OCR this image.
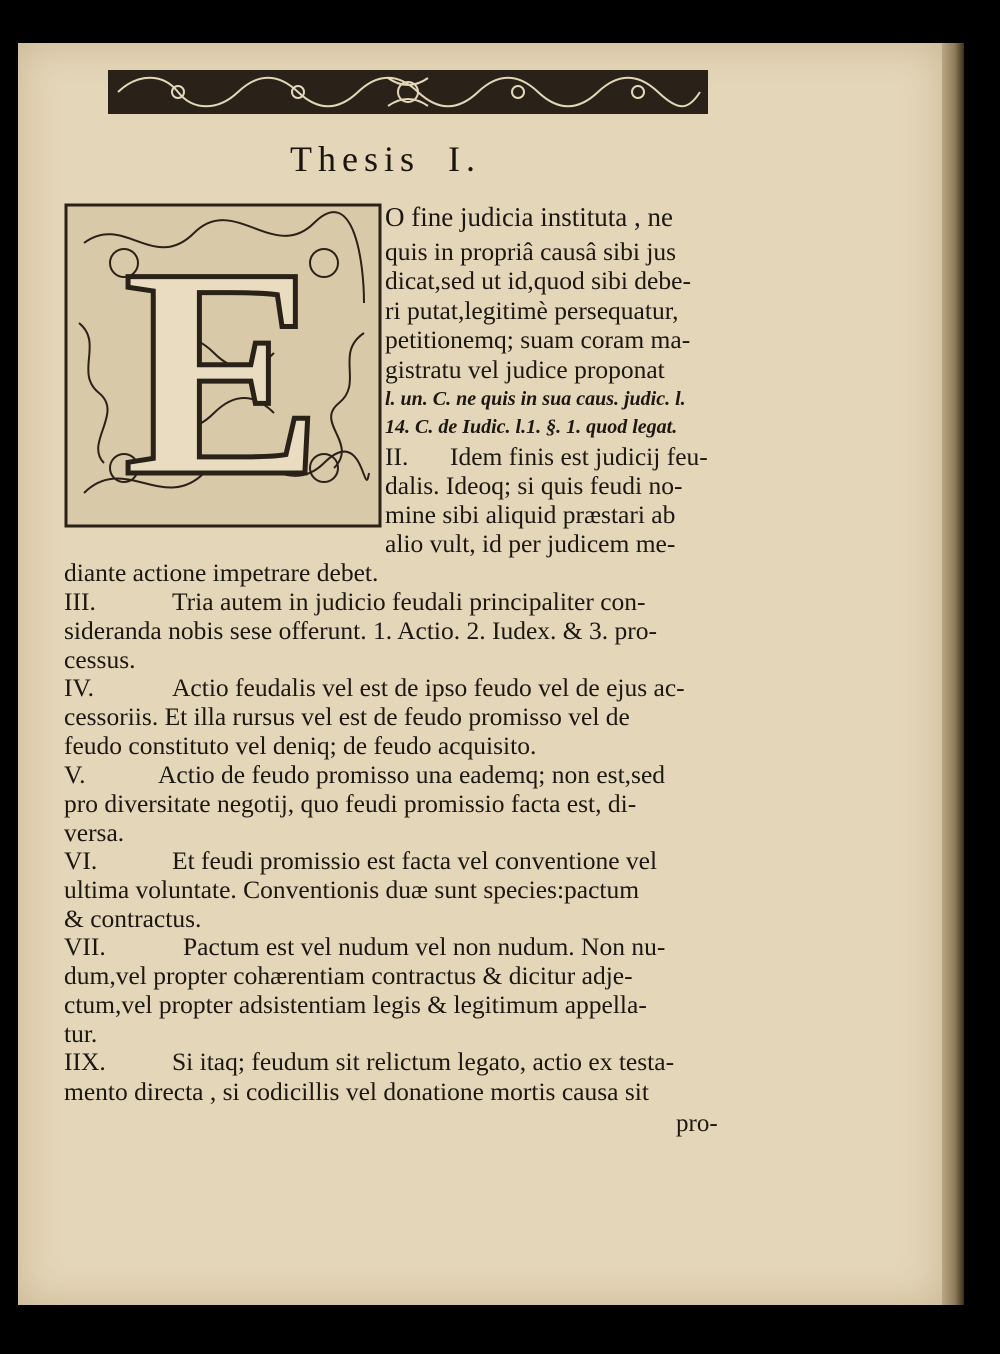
Thesis I.
E O fine judicia instituta , ne
quis in propriâ causâ sibi jus
dicat,sed ut id,quod sibi debe-
ri putat,legitimè persequatur,
petitionemq; suam coram ma-
gistratu vel judice proponat
l. un. C. ne quis in sua caus. judic. l.
14. C. de Iudic. l.1. §. 1. quod legat.
II. Idem finis est judicij feu-
dalis. Ideoq; si quis feudi no-
mine sibi aliquid præstari ab
alio vult, id per judicem me-
diante actione impetrare debet.
III.	Tria autem in judicio feudali principaliter con-
sideranda nobis sese offerunt. 1. Actio. 2. Iudex. & 3. pro-
cessus.
IV.	Actio feudalis vel est de ipso feudo vel de ejus ac-
cessoriis. Et illa rursus vel est de feudo promisso vel de
feudo constituto vel deniq; de feudo acquisito.
V.	Actio de feudo promisso una eademq; non est,sed
pro diversitate negotij, quo feudi promissio facta est, di-
versa.
VI.	Et feudi promissio est facta vel conventione vel
ultima voluntate. Conventionis duæ sunt species:pactum
& contractus.
VII.	Pactum est vel nudum vel non nudum. Non nu-
dum,vel propter cohærentiam contractus & dicitur adje-
ctum,vel propter adsistentiam legis & legitimum appella-
tur.
IIX.	Si itaq; feudum sit relictum legato, actio ex testa-
mento directa , si codicillis vel donatione mortis causa sit
pro-
